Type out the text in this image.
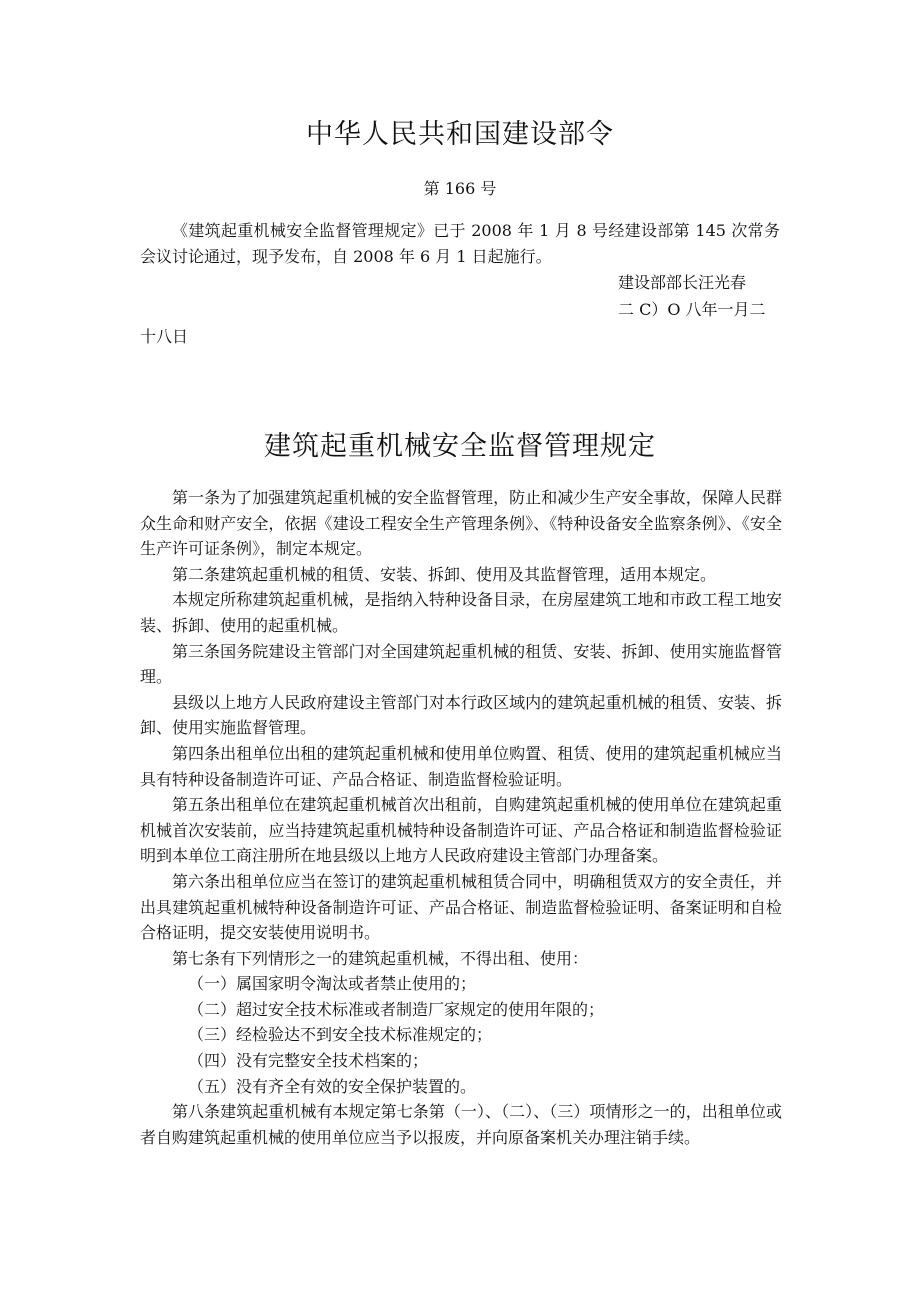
中华人民共和国建设部令
第 166 号
《建筑起重机械安全监督管理规定》已于 2008 年 1 月 8 号经建设部第 145 次常务会议讨论通过，现予发布，自 2008 年 6 月 1 日起施行。
建设部部长汪光春
二 C）O 八年一月二
十八日
建筑起重机械安全监督管理规定

第一条为了加强建筑起重机械的安全监督管理，防止和减少生产安全事故，保障人民群众生命和财产安全，依据《建设工程安全生产管理条例》、《特种设备安全监察条例》、《安全生产许可证条例》，制定本规定。

第二条建筑起重机械的租赁、安装、拆卸、使用及其监督管理，适用本规定。

本规定所称建筑起重机械，是指纳入特种设备目录，在房屋建筑工地和市政工程工地安装、拆卸、使用的起重机械。

第三条国务院建设主管部门对全国建筑起重机械的租赁、安装、拆卸、使用实施监督管理。

县级以上地方人民政府建设主管部门对本行政区域内的建筑起重机械的租赁、安装、拆卸、使用实施监督管理。

第四条出租单位出租的建筑起重机械和使用单位购置、租赁、使用的建筑起重机械应当具有特种设备制造许可证、产品合格证、制造监督检验证明。

第五条出租单位在建筑起重机械首次出租前，自购建筑起重机械的使用单位在建筑起重机械首次安装前，应当持建筑起重机械特种设备制造许可证、产品合格证和制造监督检验证明到本单位工商注册所在地县级以上地方人民政府建设主管部门办理备案。

第六条出租单位应当在签订的建筑起重机械租赁合同中，明确租赁双方的安全责任，并出具建筑起重机械特种设备制造许可证、产品合格证、制造监督检验证明、备案证明和自检合格证明，提交安装使用说明书。

第七条有下列情形之一的建筑起重机械，不得出租、使用：

（一）属国家明令淘汰或者禁止使用的；

（二）超过安全技术标准或者制造厂家规定的使用年限的；

（三）经检验达不到安全技术标准规定的；

（四）没有完整安全技术档案的；

（五）没有齐全有效的安全保护装置的。

第八条建筑起重机械有本规定第七条第（一）、（二）、（三）项情形之一的，出租单位或者自购建筑起重机械的使用单位应当予以报废，并向原备案机关办理注销手续。
